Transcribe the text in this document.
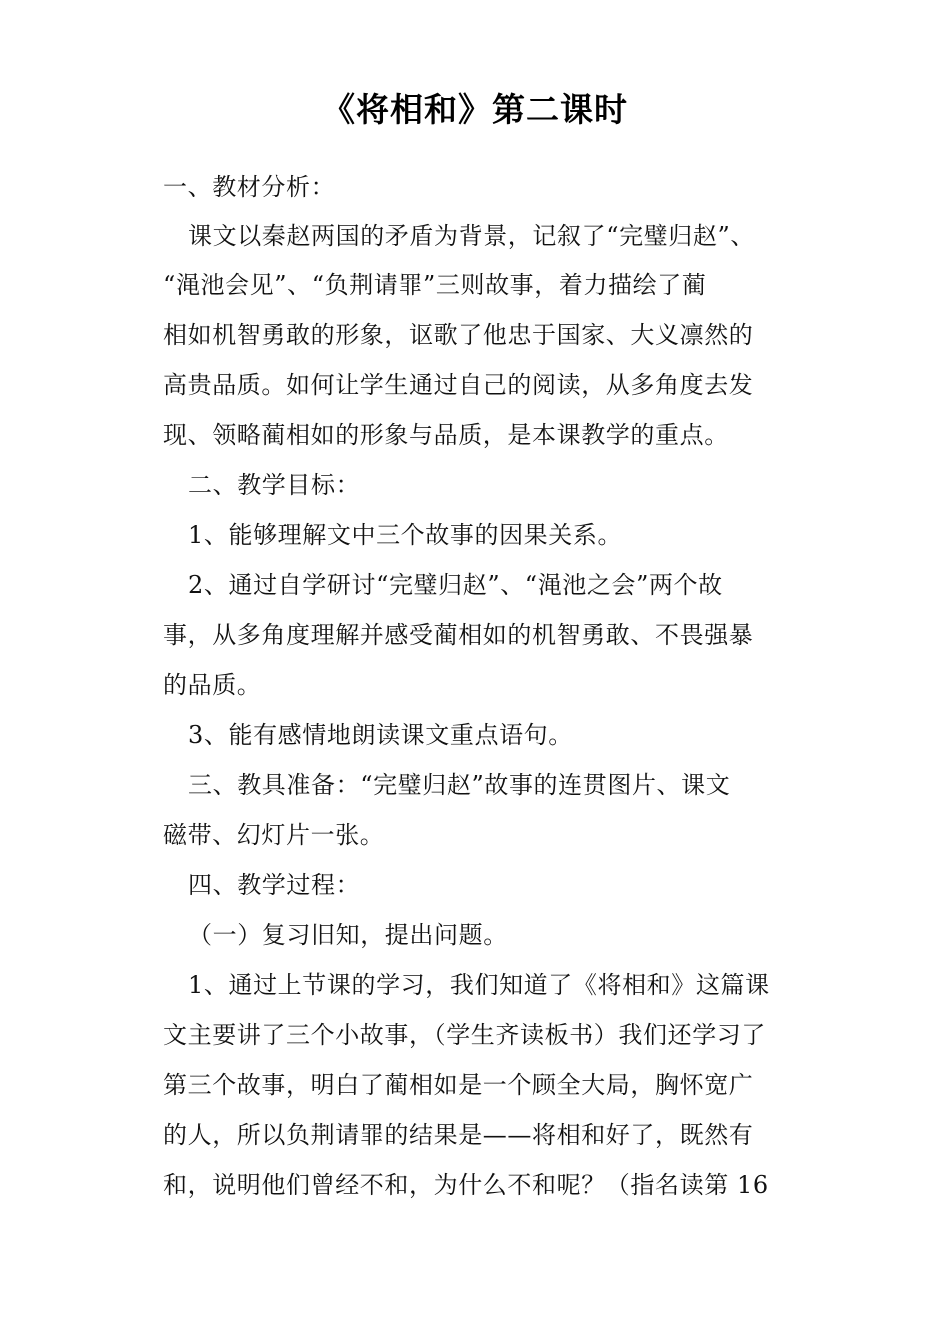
《将相和》第二课时
一、教材分析：
课文以秦赵两国的矛盾为背景，记叙了“完璧归赵”、
“渑池会见”、“负荆请罪”三则故事，着力描绘了蔺
相如机智勇敢的形象，讴歌了他忠于国家、大义凛然的
高贵品质。如何让学生通过自己的阅读，从多角度去发
现、领略蔺相如的形象与品质，是本课教学的重点。
二、教学目标：
1、能够理解文中三个故事的因果关系。
2、通过自学研讨“完璧归赵”、“渑池之会”两个故
事，从多角度理解并感受蔺相如的机智勇敢、不畏强暴
的品质。
3、能有感情地朗读课文重点语句。
三、教具准备：“完璧归赵”故事的连贯图片、课文
磁带、幻灯片一张。
四、教学过程：
（一）复习旧知，提出问题。
1、通过上节课的学习，我们知道了《将相和》这篇课
文主要讲了三个小故事，（学生齐读板书）我们还学习了
第三个故事，明白了蔺相如是一个顾全大局，胸怀宽广
的人，所以负荆请罪的结果是——将相和好了，既然有
和，说明他们曾经不和，为什么不和呢？（指名读第 16
